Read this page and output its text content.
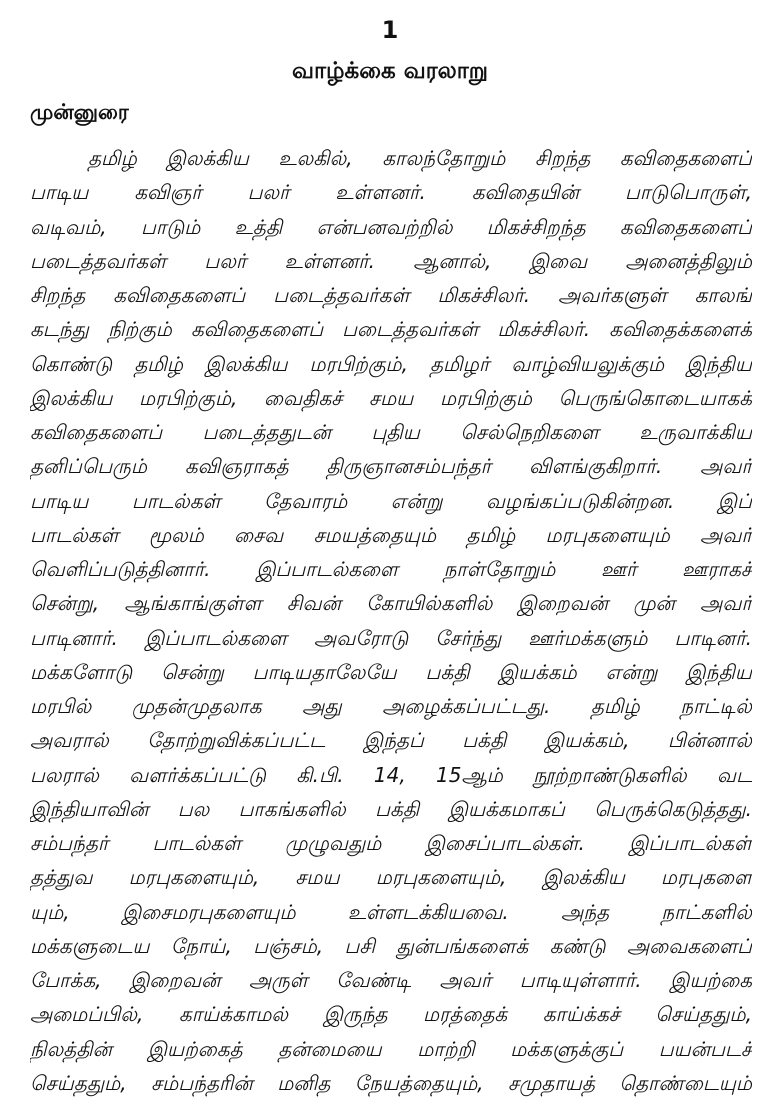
1
வாழ்க்கை வரலாறு
முன்னுரை
தமிழ் இலக்கிய உலகில், காலந்தோறும் சிறந்த கவிதைகளைப்
பாடிய கவிஞர் பலர் உள்ளனர். கவிதையின் பாடுபொருள்,
வடிவம், பாடும் உத்தி என்பனவற்றில் மிகச்சிறந்த கவிதைகளைப்
படைத்தவர்கள் பலர் உள்ளனர். ஆனால், இவை அனைத்திலும்
சிறந்த கவிதைகளைப் படைத்தவர்கள் மிகச்சிலர். அவர்களுள் காலங்
கடந்து நிற்கும் கவிதைகளைப் படைத்தவர்கள் மிகச்சிலர். கவிதைக்களைக்
கொண்டு தமிழ் இலக்கிய மரபிற்கும், தமிழர் வாழ்வியலுக்கும் இந்திய
இலக்கிய மரபிற்கும், வைதிகச் சமய மரபிற்கும் பெருங்கொடையாகக்
கவிதைகளைப் படைத்ததுடன் புதிய செல்நெறிகளை உருவாக்கிய
தனிப்பெரும் கவிஞராகத் திருஞானசம்பந்தர் விளங்குகிறார். அவர்
பாடிய பாடல்கள் தேவாரம் என்று வழங்கப்படுகின்றன. இப்
பாடல்கள் மூலம் சைவ சமயத்தையும் தமிழ் மரபுகளையும் அவர்
வெளிப்படுத்தினார். இப்பாடல்களை நாள்தோறும் ஊர் ஊராகச்
சென்று, ஆங்காங்குள்ள சிவன் கோயில்களில் இறைவன் முன் அவர்
பாடினார். இப்பாடல்களை அவரோடு சேர்ந்து ஊர்மக்களும் பாடினர்.
மக்களோடு சென்று பாடியதாலேயே பக்தி இயக்கம் என்று இந்திய
மரபில் முதன்முதலாக அது அழைக்கப்பட்டது. தமிழ் நாட்டில்
அவரால் தோற்றுவிக்கப்பட்ட இந்தப் பக்தி இயக்கம், பின்னால்
பலரால் வளர்க்கப்பட்டு கி.பி. 14, 15ஆம் நூற்றாண்டுகளில் வட
இந்தியாவின் பல பாகங்களில் பக்தி இயக்கமாகப் பெருக்கெடுத்தது.
சம்பந்தர் பாடல்கள் முழுவதும் இசைப்பாடல்கள். இப்பாடல்கள்
தத்துவ மரபுகளையும், சமய மரபுகளையும், இலக்கிய மரபுகளை
யும், இசைமரபுகளையும் உள்ளடக்கியவை. அந்த நாட்களில்
மக்களுடைய நோய், பஞ்சம், பசி துன்பங்களைக் கண்டு அவைகளைப்
போக்க, இறைவன் அருள் வேண்டி அவர் பாடியுள்ளார். இயற்கை
அமைப்பில், காய்க்காமல் இருந்த மரத்தைக் காய்க்கச் செய்ததும்,
நிலத்தின் இயற்கைத் தன்மையை மாற்றி மக்களுக்குப் பயன்படச்
செய்ததும், சம்பந்தரின் மனித நேயத்தையும், சமுதாயத் தொண்டையும்
